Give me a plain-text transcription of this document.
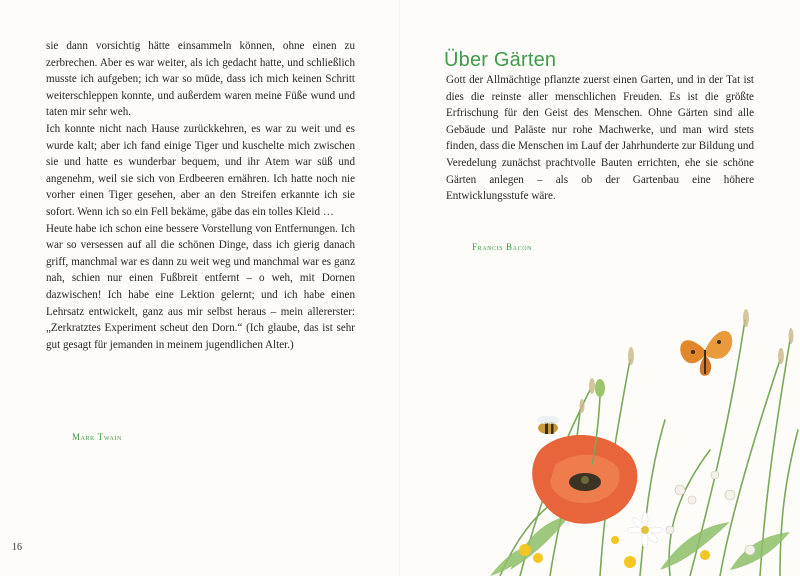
sie dann vorsichtig hätte einsammeln können, ohne einen zu zerbrechen. Aber es war weiter, als ich gedacht hatte, und schließlich musste ich aufgeben; ich war so müde, dass ich mich keinen Schritt weiterschleppen konnte, und außerdem waren meine Füße wund und taten mir sehr weh.

Ich konnte nicht nach Hause zurückkehren, es war zu weit und es wurde kalt; aber ich fand einige Tiger und kuschelte mich zwischen sie und hatte es wunderbar bequem, und ihr Atem war süß und angenehm, weil sie sich von Erdbeeren ernähren. Ich hatte noch nie vorher einen Tiger gesehen, aber an den Streifen erkannte ich sie sofort. Wenn ich so ein Fell bekäme, gäbe das ein tolles Kleid …

Heute habe ich schon eine bessere Vorstellung von Entfernungen. Ich war so versessen auf all die schönen Dinge, dass ich gierig danach griff, manchmal war es dann zu weit weg und manchmal war es ganz nah, schien nur einen Fußbreit entfernt – o weh, mit Dornen dazwischen! Ich habe eine Lektion gelernt; und ich habe einen Lehrsatz entwickelt, ganz aus mir selbst heraus – mein allererster: „Zerkratztes Experiment scheut den Dorn.“ (Ich glaube, das ist sehr gut gesagt für jemanden in meinem jugendlichen Alter.)

Mark Twain
16
Über Gärten

Gott der Allmächtige pflanzte zuerst einen Garten, und in der Tat ist dies die reinste aller menschlichen Freuden. Es ist die größte Erfrischung für den Geist des Menschen. Ohne Gärten sind alle Gebäude und Paläste nur rohe Machwerke, und man wird stets finden, dass die Menschen im Lauf der Jahrhunderte zur Bildung und Veredelung zunächst prachtvolle Bauten errichten, ehe sie schöne Gärten anlegen – als ob der Gartenbau eine höhere Entwicklungsstufe wäre.

Francis Bacon
